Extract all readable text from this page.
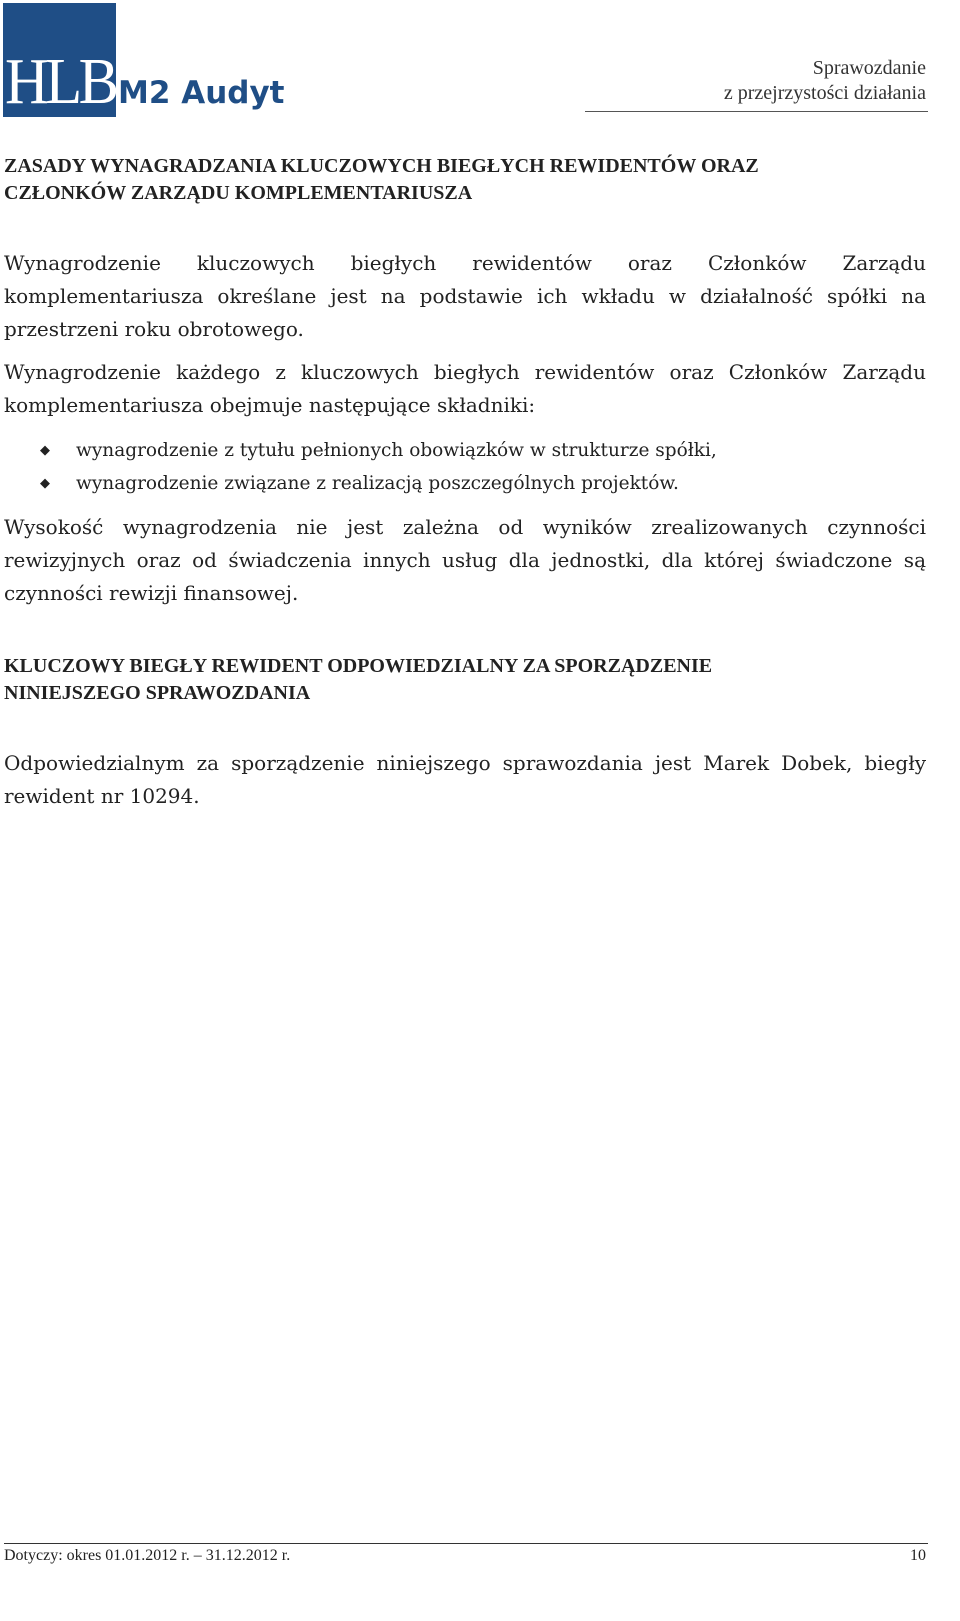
HLB M2 Audyt
Sprawozdanie
z przejrzystości działania
ZASADY WYNAGRADZANIA KLUCZOWYCH BIEGŁYCH REWIDENTÓW ORAZ
CZŁONKÓW ZARZĄDU KOMPLEMENTARIUSZA

Wynagrodzenie kluczowych biegłych rewidentów oraz Członków Zarządu komplementariusza określane jest na podstawie ich wkładu w działalność spółki na przestrzeni roku obrotowego.

Wynagrodzenie każdego z kluczowych biegłych rewidentów oraz Członków Zarządu komplementariusza obejmuje następujące składniki:

◆ wynagrodzenie z tytułu pełnionych obowiązków w strukturze spółki,
◆ wynagrodzenie związane z realizacją poszczególnych projektów.

Wysokość wynagrodzenia nie jest zależna od wyników zrealizowanych czynności rewizyjnych oraz od świadczenia innych usług dla jednostki, dla której świadczone są czynności rewizji finansowej.

KLUCZOWY BIEGŁY REWIDENT ODPOWIEDZIALNY ZA SPORZĄDZENIE
NINIEJSZEGO SPRAWOZDANIA

Odpowiedzialnym za sporządzenie niniejszego sprawozdania jest Marek Dobek, biegły rewident nr 10294.

Dotyczy: okres 01.01.2012 r. – 31.12.2012 r.	10
